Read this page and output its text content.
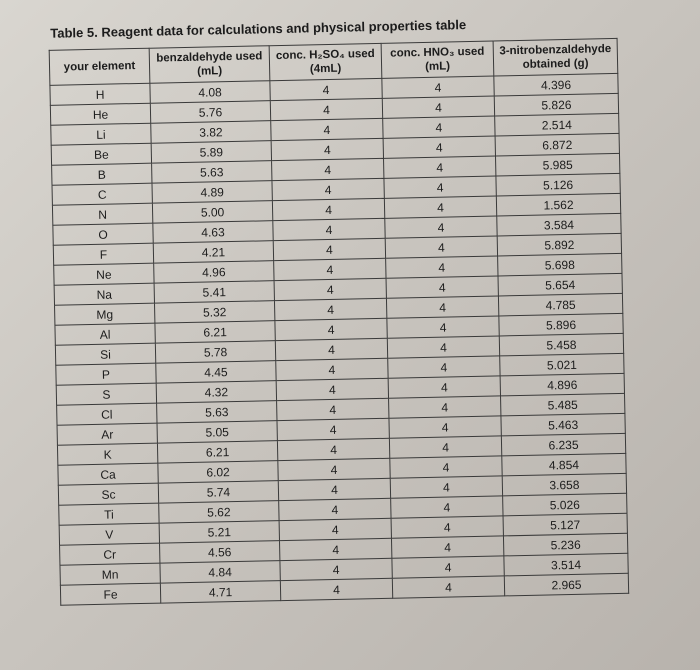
Table 5. Reagent data for calculations and physical properties table
your element	benzaldehyde used (mL)	conc. H₂SO₄ used (4mL)	conc. HNO₃ used (mL)	3-nitrobenzaldehyde obtained (g)
H	4.08	4	4	4.396
He	5.76	4	4	5.826
Li	3.82	4	4	2.514
Be	5.89	4	4	6.872
B	5.63	4	4	5.985
C	4.89	4	4	5.126
N	5.00	4	4	1.562
O	4.63	4	4	3.584
F	4.21	4	4	5.892
Ne	4.96	4	4	5.698
Na	5.41	4	4	5.654
Mg	5.32	4	4	4.785
Al	6.21	4	4	5.896
Si	5.78	4	4	5.458
P	4.45	4	4	5.021
S	4.32	4	4	4.896
Cl	5.63	4	4	5.485
Ar	5.05	4	4	5.463
K	6.21	4	4	6.235
Ca	6.02	4	4	4.854
Sc	5.74	4	4	3.658
Ti	5.62	4	4	5.026
V	5.21	4	4	5.127
Cr	4.56	4	4	5.236
Mn	4.84	4	4	3.514
Fe	4.71	4	4	2.965
